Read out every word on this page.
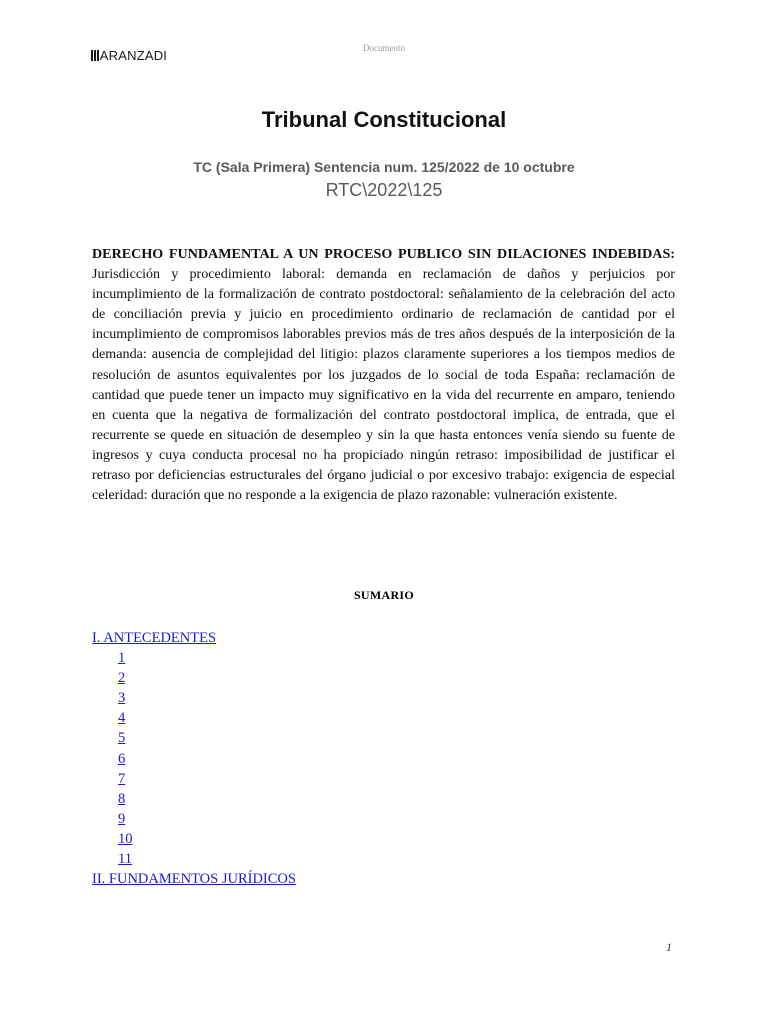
ARANZADI	Documento
Tribunal Constitucional
TC (Sala Primera) Sentencia num. 125/2022 de 10 octubre
RTC\2022\125
DERECHO FUNDAMENTAL A UN PROCESO PUBLICO SIN DILACIONES INDEBIDAS: Jurisdicción y procedimiento laboral: demanda en reclamación de daños y perjuicios por incumplimiento de la formalización de contrato postdoctoral: señalamiento de la celebración del acto de conciliación previa y juicio en procedimiento ordinario de reclamación de cantidad por el incumplimiento de compromisos laborables previos más de tres años después de la interposición de la demanda: ausencia de complejidad del litigio: plazos claramente superiores a los tiempos medios de resolución de asuntos equivalentes por los juzgados de lo social de toda España: reclamación de cantidad que puede tener un impacto muy significativo en la vida del recurrente en amparo, teniendo en cuenta que la negativa de formalización del contrato postdoctoral implica, de entrada, que el recurrente se quede en situación de desempleo y sin la que hasta entonces venía siendo su fuente de ingresos y cuya conducta procesal no ha propiciado ningún retraso: imposibilidad de justificar el retraso por deficiencias estructurales del órgano judicial o por excesivo trabajo: exigencia de especial celeridad: duración que no responde a la exigencia de plazo razonable: vulneración existente.
SUMARIO
I. ANTECEDENTES
1
2
3
4
5
6
7
8
9
10
11
II. FUNDAMENTOS JURÍDICOS
1
